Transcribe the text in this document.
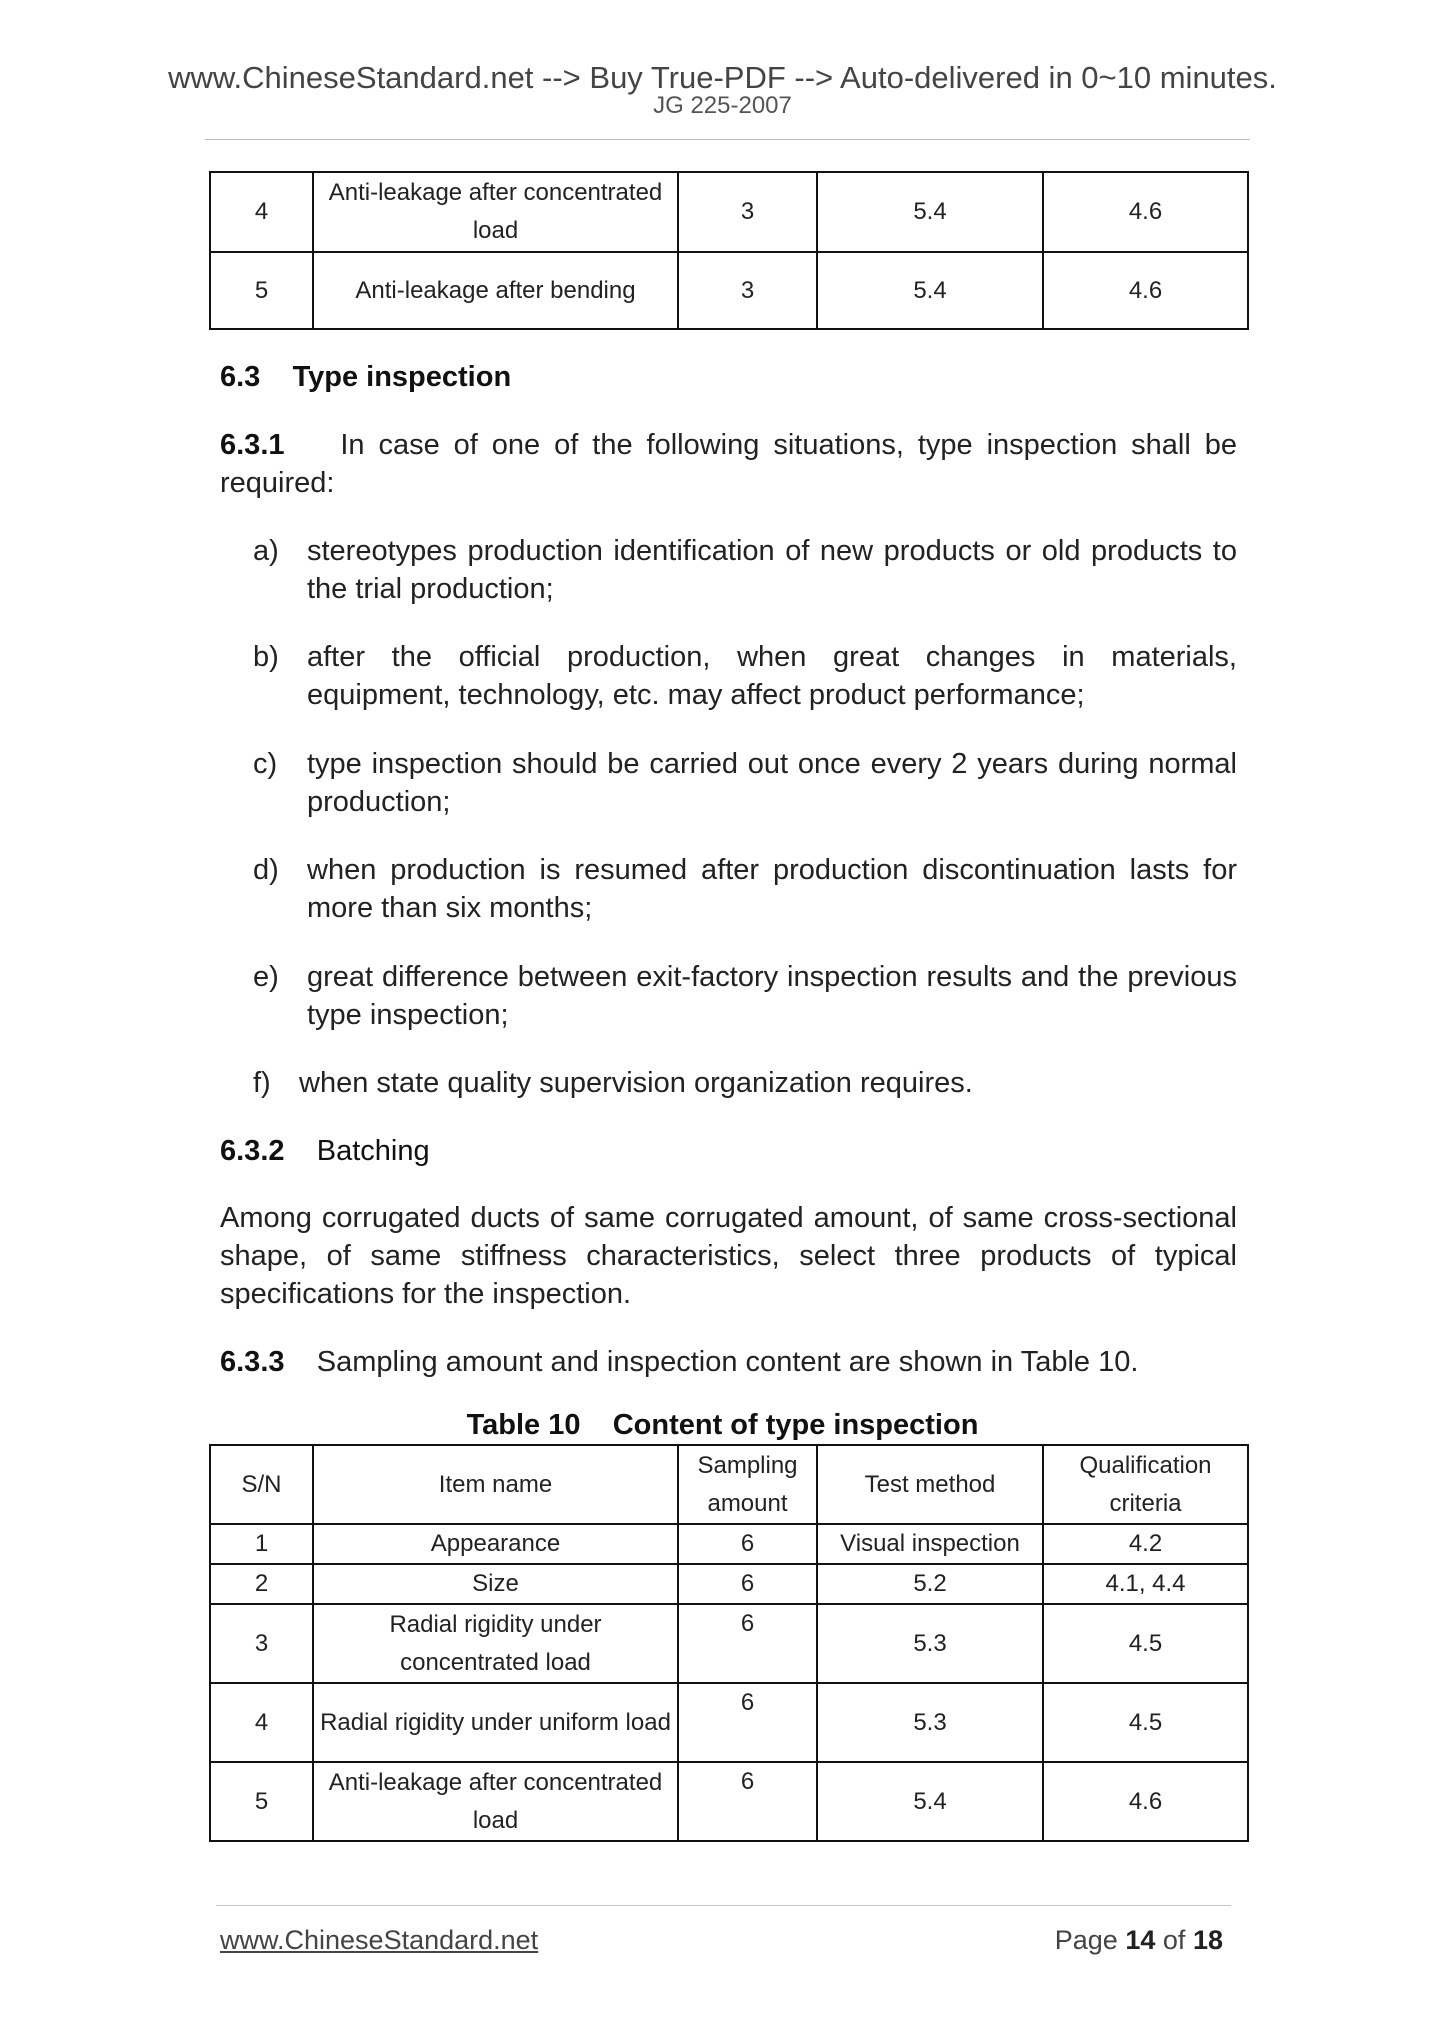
www.ChineseStandard.net --> Buy True-PDF --> Auto-delivered in 0~10 minutes.
JG 225-2007
4	Anti-leakage after concentrated load	3	5.4	4.6
5	Anti-leakage after bending	3	5.4	4.6
6.3 Type inspection
6.3.1 In case of one of the following situations, type inspection shall be required:
a) stereotypes production identification of new products or old products to the trial production;
b) after the official production, when great changes in materials, equipment, technology, etc. may affect product performance;
c)	type inspection should be carried out once every 2 years during normal production;
d) when production is resumed after production discontinuation lasts for more than six months;
e) great difference between exit-factory inspection results and the previous type inspection;
f) when state quality supervision organization requires.
6.3.2 Batching
Among corrugated ducts of same corrugated amount, of same cross-sectional shape, of same stiffness characteristics, select three products of typical specifications for the inspection.
6.3.3 Sampling amount and inspection content are shown in Table 10.
Table 10    Content of type inspection
S/N	Item name	Sampling amount	Test method	Qualification criteria
1	Appearance	6	Visual inspection	4.2
2	Size	6	5.2	4.1, 4.4
3	Radial rigidity under concentrated load	6	5.3	4.5
4	Radial rigidity under uniform load	6	5.3	4.5
5	Anti-leakage after concentrated load	6	5.4	4.6
www.ChineseStandard.net	Page 14 of 18
